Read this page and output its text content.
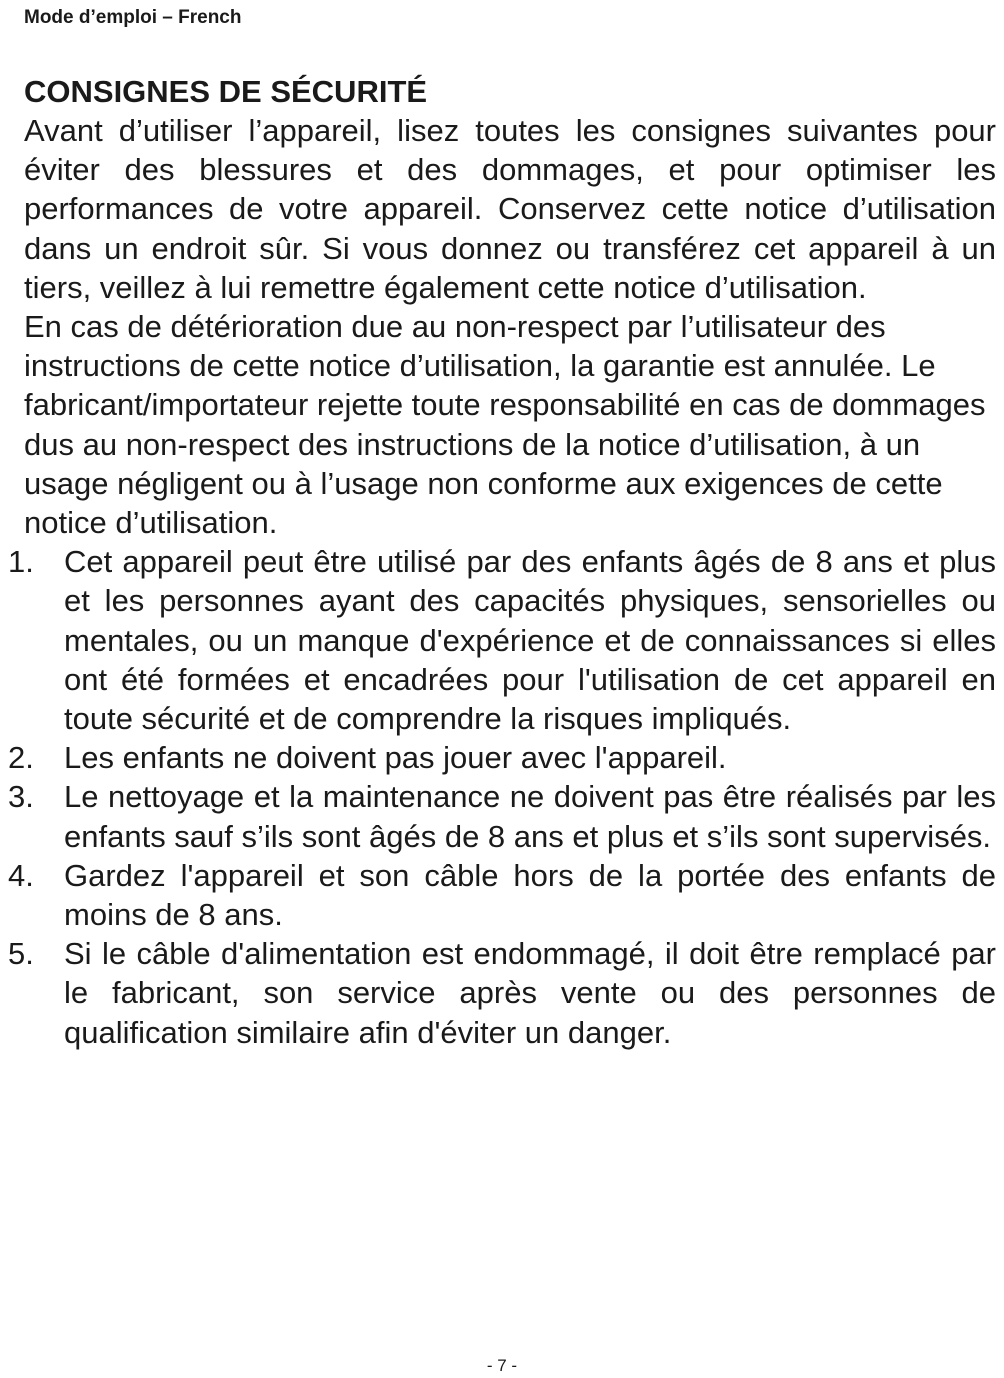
Mode d’emploi – French
CONSIGNES DE SÉCURITÉ

Avant d’utiliser l’appareil, lisez toutes les consignes suivantes pour éviter des blessures et des dommages, et pour optimiser les performances de votre appareil. Conservez cette notice d’utilisation dans un endroit sûr. Si vous donnez ou transférez cet appareil à un tiers, veillez à lui remettre également cette notice d’utilisation.

En cas de détérioration due au non-respect par l’utilisateur des instructions de cette notice d’utilisation, la garantie est annulée. Le fabricant/importateur rejette toute responsabilité en cas de dommages dus au non-respect des instructions de la notice d’utilisation, à un usage négligent ou à l’usage non conforme aux exigences de cette notice d’utilisation.

1. Cet appareil peut être utilisé par des enfants âgés de 8 ans et plus et les personnes ayant des capacités physiques, sensorielles ou mentales, ou un manque d'expérience et de connaissances si elles ont été formées et encadrées pour l'utilisation de cet appareil en toute sécurité et de comprendre la risques impliqués.
2. Les enfants ne doivent pas jouer avec l'appareil.
3. Le nettoyage et la maintenance ne doivent pas être réalisés par les enfants sauf s’ils sont âgés de 8 ans et plus et s’ils sont supervisés.
4. Gardez l'appareil et son câble hors de la portée des enfants de moins de 8 ans.
5. Si le câble d'alimentation est endommagé, il doit être remplacé par le fabricant, son service après vente ou des personnes de qualification similaire afin d'éviter un danger.
- 7 -
